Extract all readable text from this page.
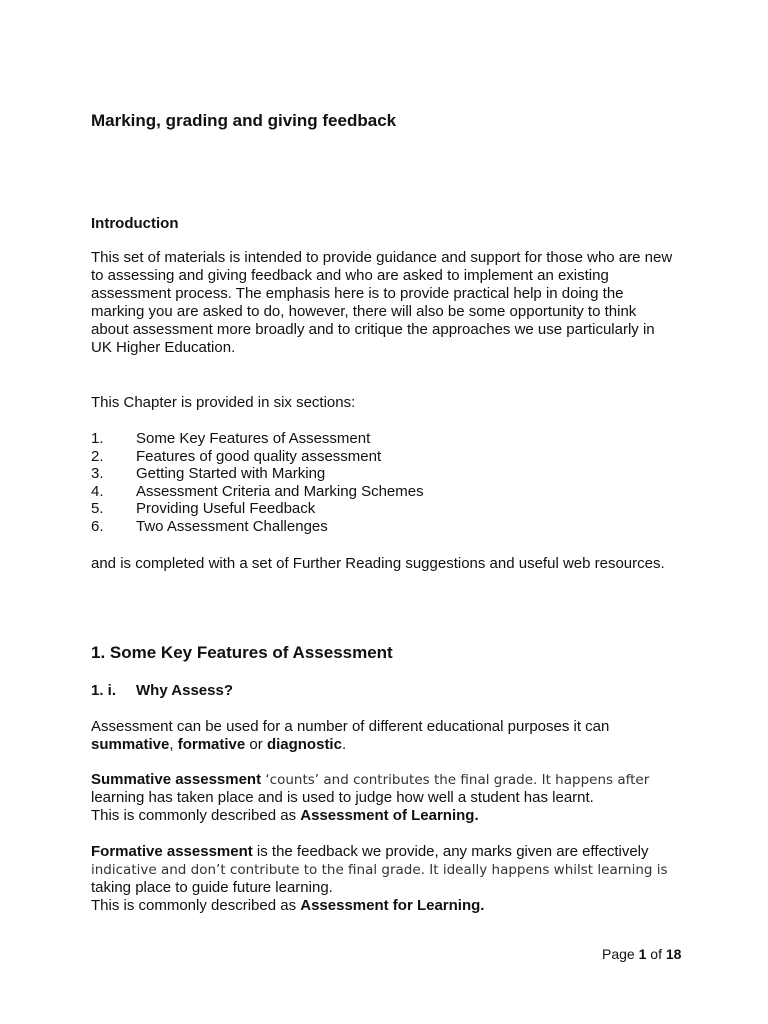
Marking, grading and giving feedback
Introduction
This set of materials is intended to provide guidance and support for those who are new
to assessing and giving feedback and who are asked to implement an existing
assessment process. The emphasis here is to provide practical help in doing the
marking you are asked to do, however, there will also be some opportunity to think
about assessment more broadly and to critique the approaches we use particularly in
UK Higher Education.
This Chapter is provided in six sections:
1.	Some Key Features of Assessment
2.	Features of good quality assessment
3.	Getting Started with Marking
4.	Assessment Criteria and Marking Schemes
5.	Providing Useful Feedback
6.	Two Assessment Challenges
and is completed with a set of Further Reading suggestions and useful web resources.
1. Some Key Features of Assessment
1. i.	Why Assess?
Assessment can be used for a number of different educational purposes it can
summative, formative or diagnostic.
Summative assessment ‘counts’ and contributes the final grade. It happens after
learning has taken place and is used to judge how well a student has learnt.
This is commonly described as Assessment of Learning.
Formative assessment is the feedback we provide, any marks given are effectively
indicative and don’t contribute to the final grade. It ideally happens whilst learning is
taking place to guide future learning.
This is commonly described as Assessment for Learning.
Page 1 of 18
